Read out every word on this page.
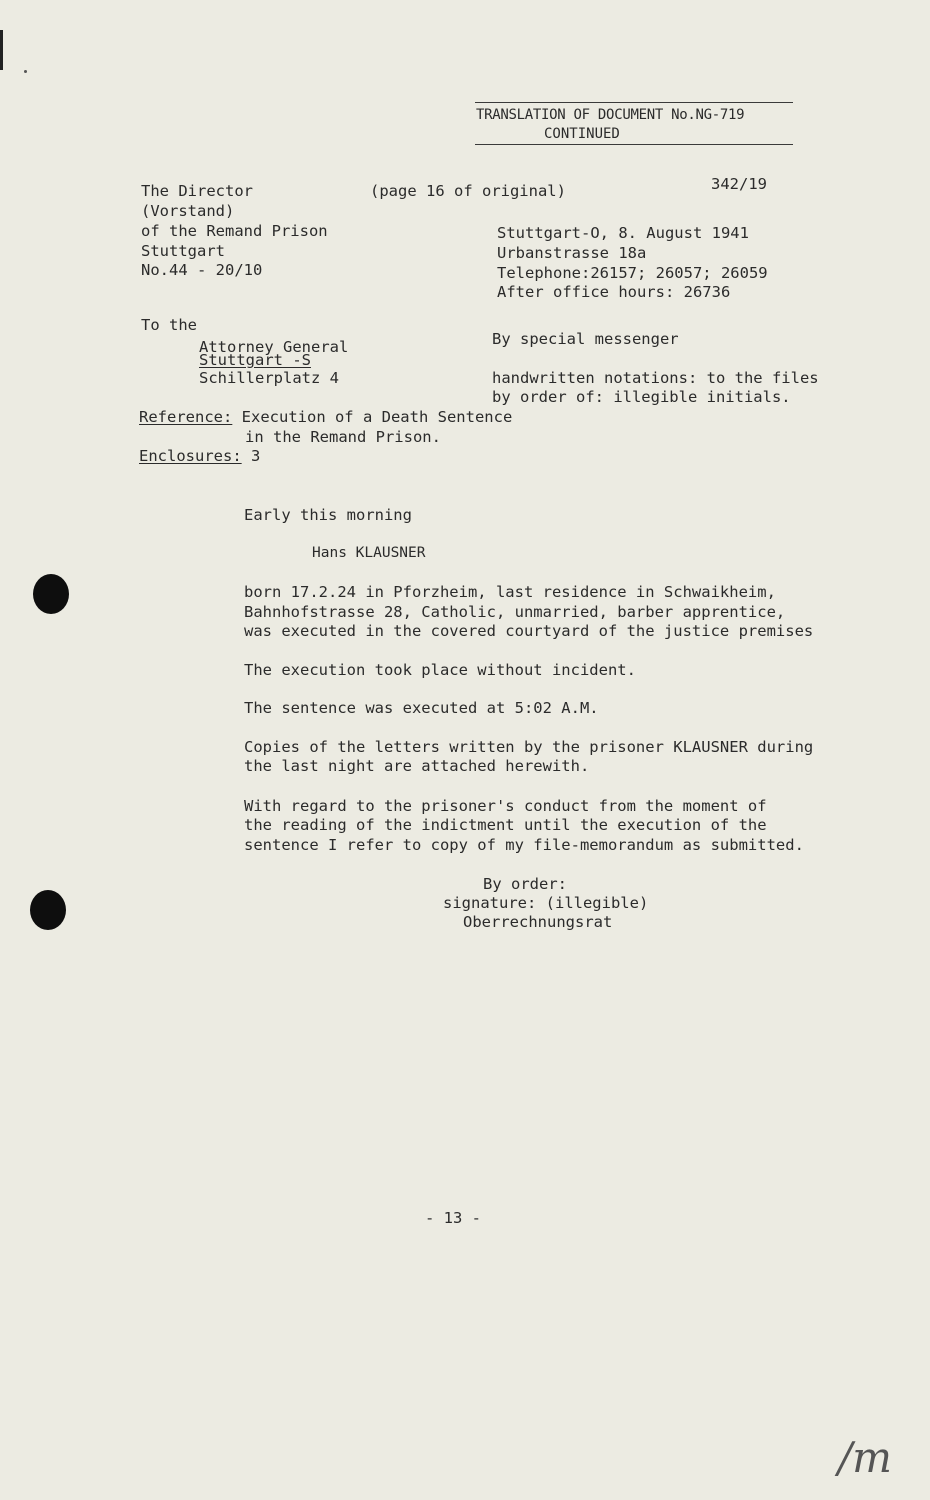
TRANSLATION OF DOCUMENT No.NG-719
CONTINUED
The Director
(Vorstand)
of the Remand Prison
Stuttgart
No.44 - 20/10
(page 16 of original)	342/19
Stuttgart-O, 8. August 1941
Urbanstrasse 18a
Telephone:26157; 26057; 26059
After office hours: 26736
To the
Attorney General
Stuttgart -S
Schillerplatz 4
By special messenger
handwritten notations: to the files
by order of: illegible initials.
Reference: Execution of a Death Sentence
in the Remand Prison.
Enclosures: 3
Early this morning
Hans KLAUSNER
born 17.2.24 in Pforzheim, last residence in Schwaikheim,
Bahnhofstrasse 28, Catholic, unmarried, barber apprentice,
was executed in the covered courtyard of the justice premises
The execution took place without incident.
The sentence was executed at 5:02 A.M.
Copies of the letters written by the prisoner KLAUSNER during
the last night are attached herewith.
With regard to the prisoner's conduct from the moment of
the reading of the indictment until the execution of the
sentence I refer to copy of my file-memorandum as submitted.
By order:
signature: (illegible)
Oberrechnungsrat
- 13 -
/m
